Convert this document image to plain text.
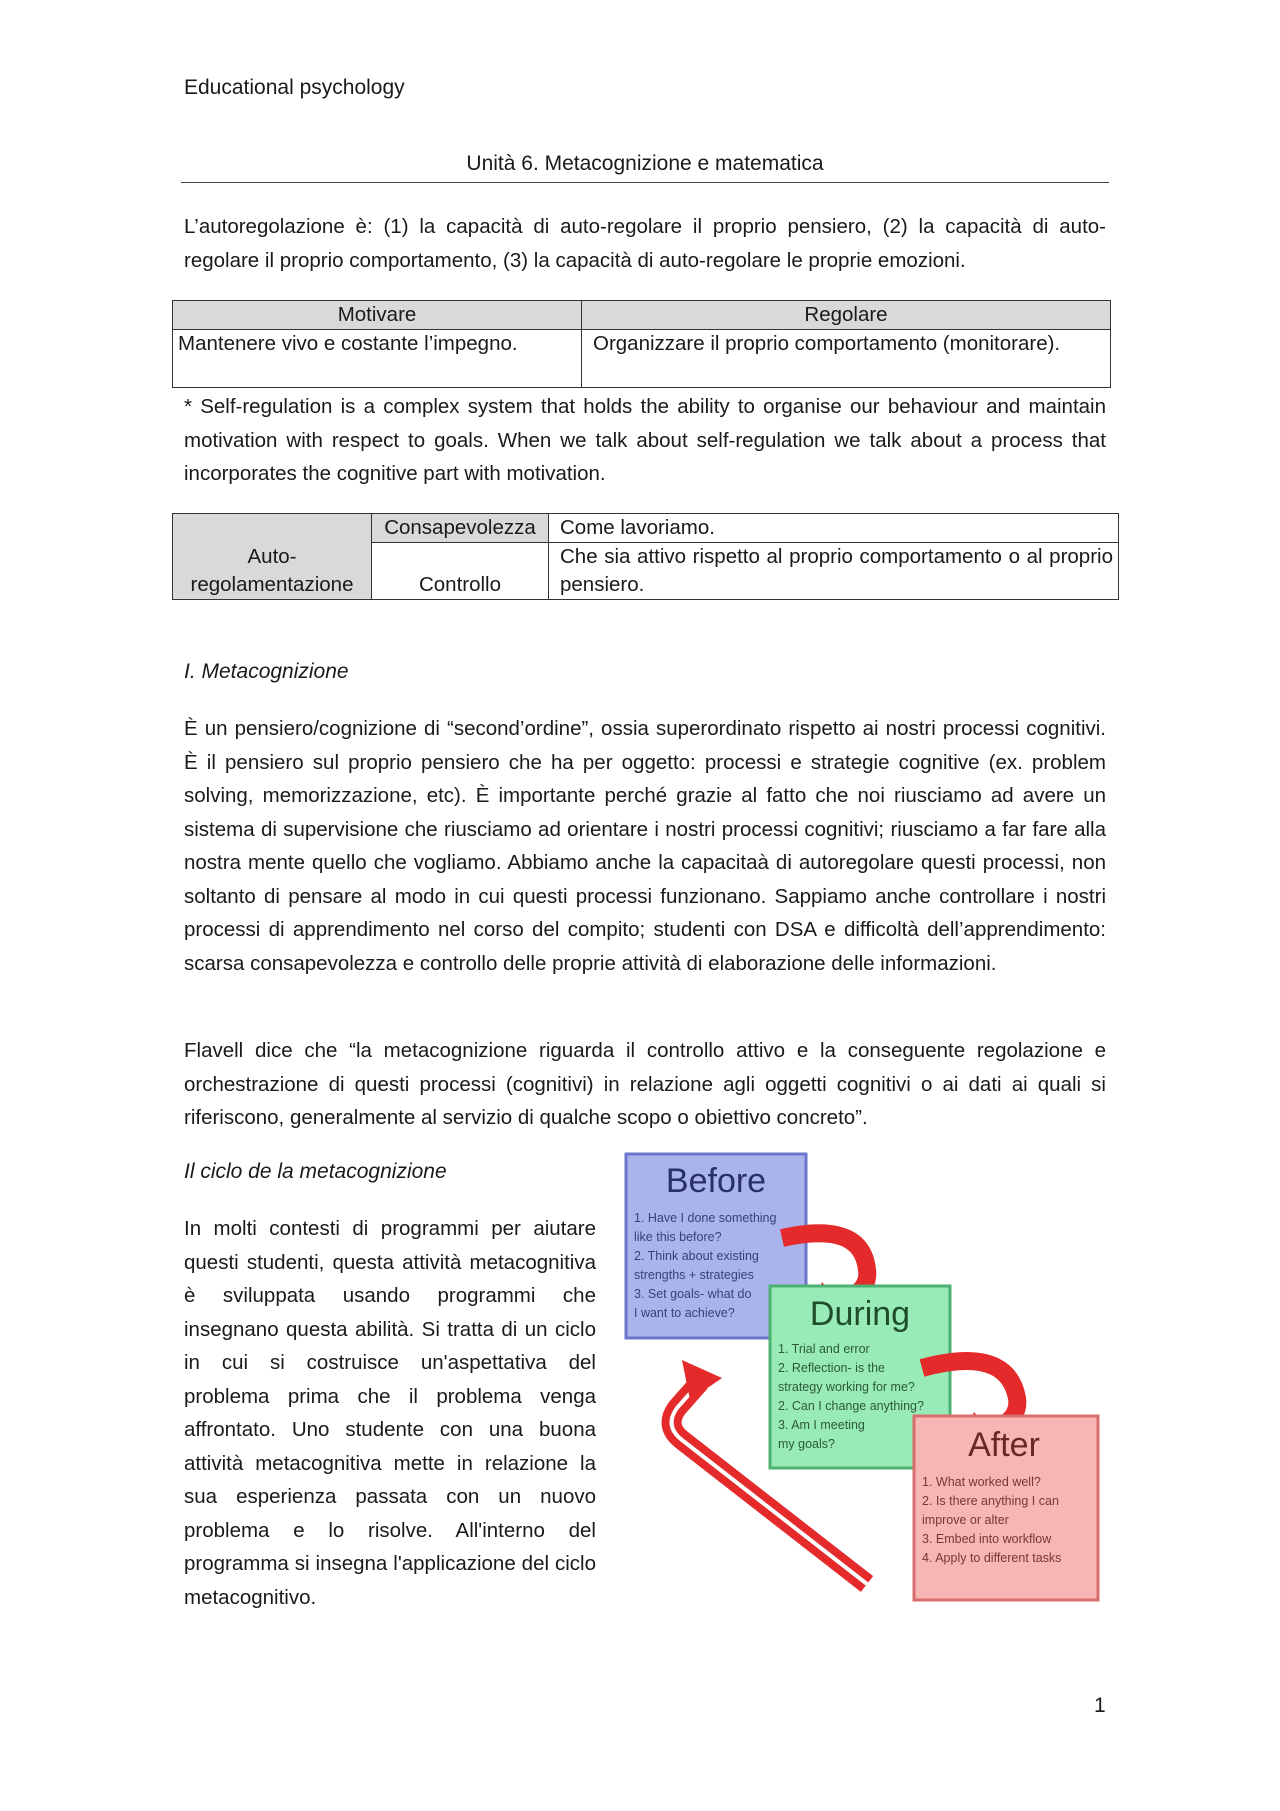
Educational psychology
Unità 6. Metacognizione e matematica

L’autoregolazione è: (1) la capacità di auto-regolare il proprio pensiero, (2) la capacità di auto-regolare il proprio comportamento, (3) la capacità di auto-regolare le proprie emozioni.

Motivare	Regolare
Mantenere vivo e costante l’impegno.	Organizzare il proprio comportamento (monitorare).

* Self-regulation is a complex system that holds the ability to organise our behaviour and maintain motivation with respect to goals. When we talk about self-regulation we talk about a process that incorporates the cognitive part with motivation.

Auto-regolamentazione	Consapevolezza	Come lavoriamo.
	Controllo	Che sia attivo rispetto al proprio comportamento o al proprio pensiero.

I. Metacognizione

È un pensiero/cognizione di “second’ordine”, ossia superordinato rispetto ai nostri processi cognitivi. È il pensiero sul proprio pensiero che ha per oggetto: processi e strategie cognitive (ex. problem solving, memorizzazione, etc). È importante perché grazie al fatto che noi riusciamo ad avere un sistema di supervisione che riusciamo ad orientare i nostri processi cognitivi; riusciamo a far fare alla nostra mente quello che vogliamo. Abbiamo anche la capacitaà di autoregolare questi processi, non soltanto di pensare al modo in cui questi processi funzionano. Sappiamo anche controllare i nostri processi di apprendimento nel corso del compito; studenti con DSA e difficoltà dell’apprendimento: scarsa consapevolezza e controllo delle proprie attività di elaborazione delle informazioni.

Flavell dice che “la metacognizione riguarda il controllo attivo e la conseguente regolazione e orchestrazione di questi processi (cognitivi) in relazione agli oggetti cognitivi o ai dati ai quali si riferiscono, generalmente al servizio di qualche scopo o obiettivo concreto”.

Il ciclo de la metacognizione

In molti contesti di programmi per aiutare questi studenti, questa attività metacognitiva è sviluppata usando programmi che insegnano questa abilità. Si tratta di un ciclo in cui si costruisce un'aspettativa del problema prima che il problema venga affrontato. Uno studente con una buona attività metacognitiva mette in relazione la sua esperienza passata con un nuovo problema e lo risolve. All'interno del programma si insegna l'applicazione del ciclo metacognitivo.

Before
1. Have I done something
like this before?
2. Think about existing
strengths + strategies
3. Set goals- what do
I want to achieve? During
1. Trial and error
2. Reflection- is the
strategy working for me?
2. Can I change anything?
3. Am I meeting
my goals?	After
1. What worked well?
2. Is there anything I can
improve or alter
3. Embed into workflow
4. Apply to different tasks
1
